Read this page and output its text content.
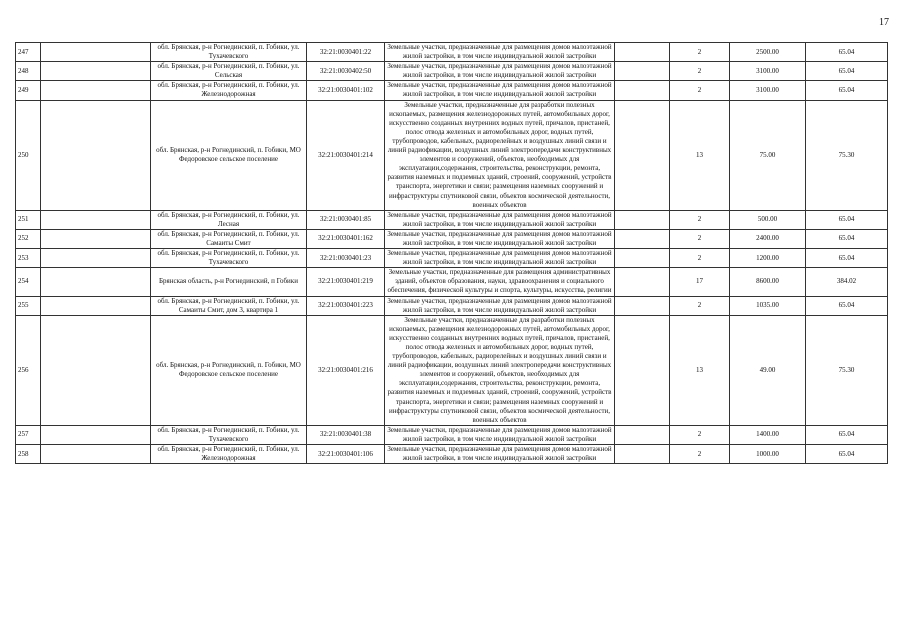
17
247		обл. Брянская, р-н Рогнединский, п. Гобики, ул. Тухачевского	32:21:0030401:22	Земельные участки, предназначенные для размещения домов малоэтажной жилой застройки, в том числе индивидуальной жилой застройки		2	2500.00	65.04	
248		обл. Брянская, р-н Рогнединский, п. Гобики, ул. Сельская	32:21:0030402:50	Земельные участки, предназначенные для размещения домов малоэтажной жилой застройки, в том числе индивидуальной жилой застройки		2	3100.00	65.04	
249		обл. Брянская, р-н Рогнединский, п. Гобики, ул. Железнодорожная	32:21:0030401:102	Земельные участки, предназначенные для размещения домов малоэтажной жилой застройки, в том числе индивидуальной жилой застройки		2	3100.00	65.04	
250		обл. Брянская, р-н Рогнединский, п. Гобики, МО Федоровское сельское поселение	32:21:0030401:214	Земельные участки, предназначенные для разработки полезных ископаемых, размещения железнодорожных путей, автомобильных дорог, искусственно созданных внутренних водных путей, причалов, пристаней, полос отвода железных и автомобильных дорог, водных путей, трубопроводов, кабельных, радиорелейных и воздушных линий связи и линий радиофикации, воздушных линий электропередачи конструктивных элементов и сооружений, объектов, необходимых для эксплуатации,содержания, строительства, реконструкции, ремонта, развития наземных и подземных зданий, строений, сооружений, устройств транспорта, энергетики и связи; размещения наземных сооружений и инфраструктуры спутниковой связи, объектов космической деятельности, военных объектов		13	75.00	75.30	
251		обл. Брянская, р-н Рогнединский, п. Гобики, ул. Лесная	32:21:0030401:85	Земельные участки, предназначенные для размещения домов малоэтажной жилой застройки, в том числе индивидуальной жилой застройки		2	500.00	65.04	
252		обл. Брянская, р-н Рогнединский, п. Гобики, ул. Самаиты Смит	32:21:0030401:162	Земельные участки, предназначенные для размещения домов малоэтажной жилой застройки, в том числе индивидуальной жилой застройки		2	2400.00	65.04	
253		обл. Брянская, р-н Рогнединский, п. Гобики, ул. Тухачевского	32:21:0030401:23	Земельные участки, предназначенные для размещения домов малоэтажной жилой застройки, в том числе индивидуальной жилой застройки		2	1200.00	65.04	
254		Брянская область, р-н Рогнединский, п Гобики	32:21:0030401:219	Земельные участки, предназначенные для размещения административных зданий, объектов образования, науки, здравоохранения и социального обеспечения, физической культуры и спорта, культуры, искусства, религии		17	8600.00	384.02	
255		обл. Брянская, р-н Рогнединский, п. Гобики, ул. Самаиты Смит, дом 3, квартира 1	32:21:0030401:223	Земельные участки, предназначенные для размещения домов малоэтажной жилой застройки, в том числе индивидуальной жилой застройки		2	1035.00	65.04	
256		обл. Брянская, р-н Рогнединский, п. Гобики, МО Федоровское сельское поселение	32:21:0030401:216	Земельные участки, предназначенные для разработки полезных ископаемых, размещения железнодорожных путей, автомобильных дорог, искусственно созданных внутренних водных путей, причалов, пристаней, полос отвода железных и автомобильных дорог, водных путей, трубопроводов, кабельных, радиорелейных и воздушных линий связи и линий радиофикации, воздушных линий электропередачи конструктивных элементов и сооружений, объектов, необходимых для эксплуатации,содержания, строительства, реконструкции, ремонта, развития наземных и подземных зданий, строений, сооружений, устройств транспорта, энергетики и связи; размещения наземных сооружений и инфраструктуры спутниковой связи, объектов космической деятельности, военных объектов		13	49.00	75.30	
257		обл. Брянская, р-н Рогнединский, п. Гобики, ул. Тухачевского	32:21:0030401:38	Земельные участки, предназначенные для размещения домов малоэтажной жилой застройки, в том числе индивидуальной жилой застройки		2	1400.00	65.04	
258		обл. Брянская, р-н Рогнединский, п. Гобики, ул. Железнодорожная	32:21:0030401:106	Земельные участки, предназначенные для размещения домов малоэтажной жилой застройки, в том числе индивидуальной жилой застройки		2	1000.00	65.04	
